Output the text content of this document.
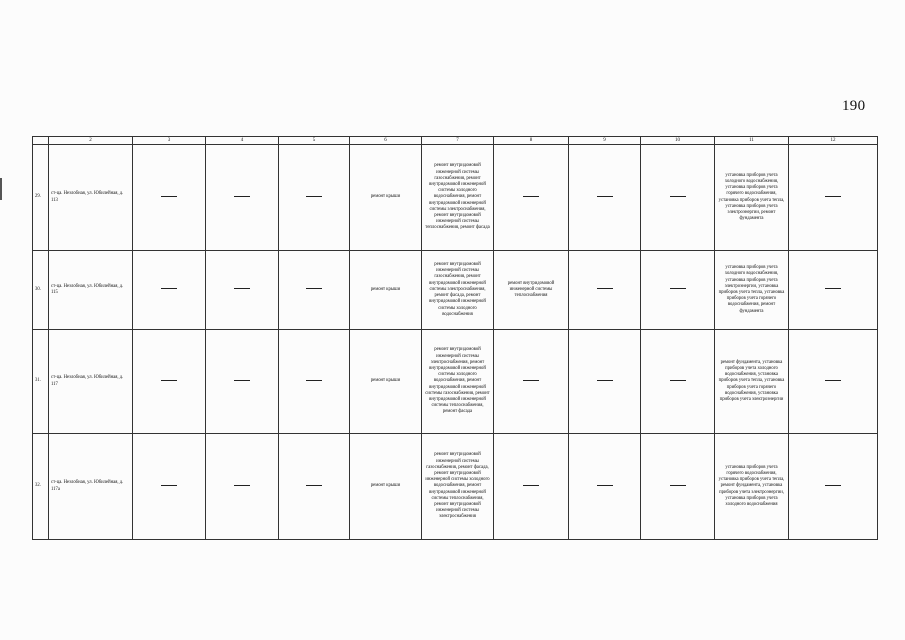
190
	2	3	4	5	6	7	8	9	10	11	12
29.	ст-ца. Незлобная, ул. Юбилейная, д. 113				ремонт крыши	ремонт внутридомовой инженерной системы газоснабжения, ремонт внутридомовой инженерной системы холодного водоснабжения, ремонт внутридомовой инженерной системы электроснабжения, ремонт внутридомовой инженерной системы теплоснабжения, ремонт фасада				установка приборов учета холодного водоснабжения, установка приборов учета горячего водоснабжения, установка приборов учета тепла, установка приборов учета электроэнергии, ремонт фундамента	
30.	ст-ца. Незлобная, ул. Юбилейная, д. 115				ремонт крыши	ремонт внутридомовой инженерной системы газоснабжения, ремонт внутридомовой инженерной системы электроснабжения, ремонт фасада, ремонт внутридомовой инженерной системы холодного водоснабжения	ремонт внутридомовой инженерной системы теплоснабжения			установка приборов учета холодного водоснабжения, установка приборов учета электроэнергии, установка приборов учета тепла, установка приборов учета горячего водоснабжения, ремонт фундамента	
31.	ст-ца. Незлобная, ул. Юбилейная, д. 117				ремонт крыши	ремонт внутридомовой инженерной системы электроснабжения, ремонт внутридомовой инженерной системы холодного водоснабжения, ремонт внутридомовой инженерной системы газоснабжения, ремонт внутридомовой инженерной системы теплоснабжения, ремонт фасада				ремонт фундамента, установка приборов учета холодного водоснабжения, установка приборов учета тепла, установка приборов учета горячего водоснабжения, установка приборов учета электроэнергии	
32.	ст-ца. Незлобная, ул. Юбилейная, д. 117а				ремонт крыши	ремонт внутридомовой инженерной системы газоснабжения, ремонт фасада, ремонт внутридомовой инженерной системы холодного водоснабжения, ремонт внутридомовой инженерной системы теплоснабжения, ремонт внутридомовой инженерной системы электроснабжения				установка приборов учета горячего водоснабжения, установка приборов учета тепла, ремонт фундамента, установка приборов учета электроэнергии, установка приборов учета холодного водоснабжения	
